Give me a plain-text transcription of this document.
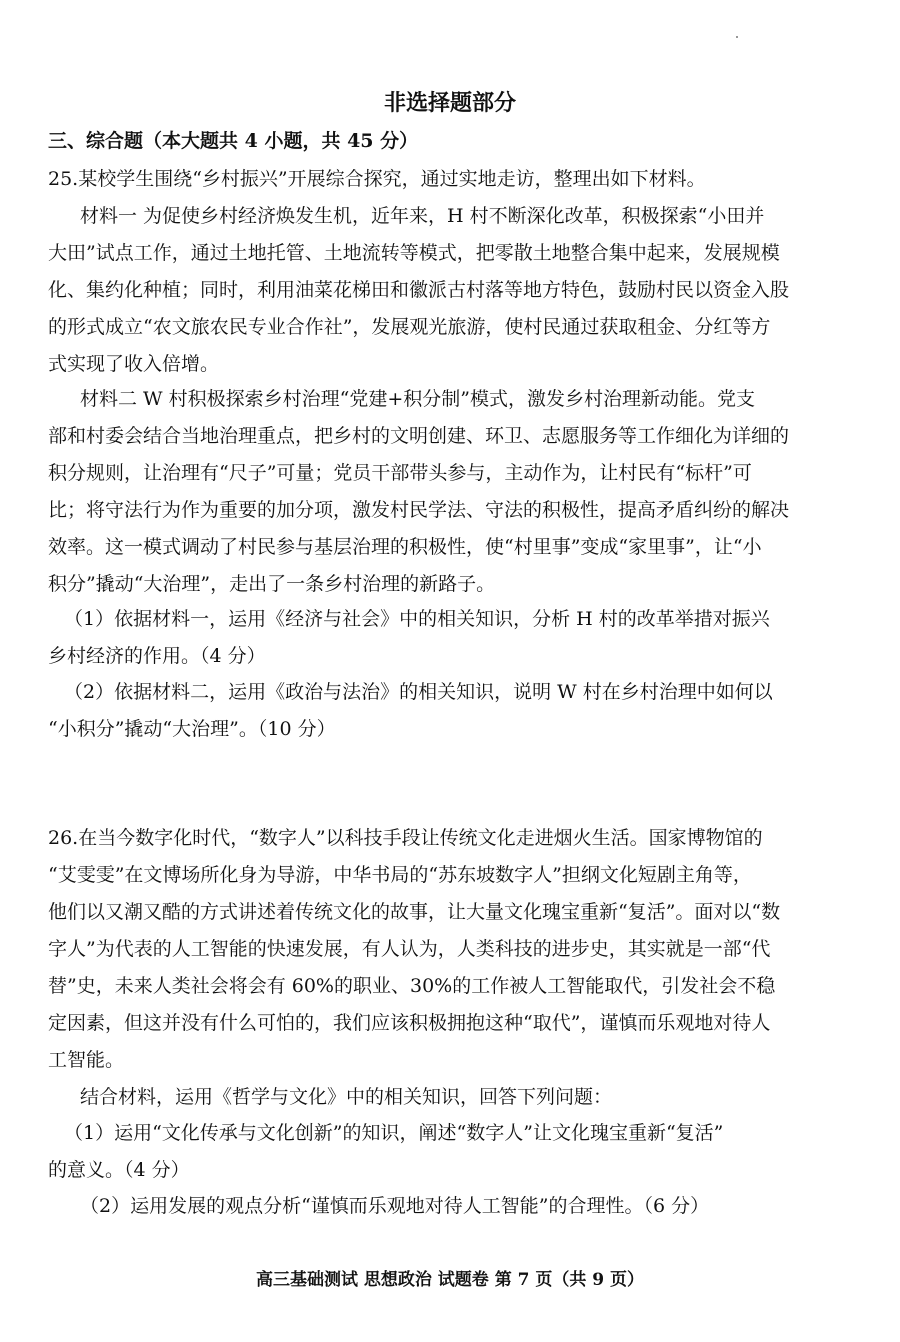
非选择题部分
三、综合题（本大题共 4 小题，共 45 分）
25.某校学生围绕“乡村振兴”开展综合探究，通过实地走访，整理出如下材料。
材料一 为促使乡村经济焕发生机，近年来，H 村不断深化改革，积极探索“小田并
大田”试点工作，通过土地托管、土地流转等模式，把零散土地整合集中起来，发展规模
化、集约化种植；同时，利用油菜花梯田和徽派古村落等地方特色，鼓励村民以资金入股
的形式成立“农文旅农民专业合作社”，发展观光旅游，使村民通过获取租金、分红等方
式实现了收入倍增。
材料二 W 村积极探索乡村治理“党建+积分制”模式，激发乡村治理新动能。党支
部和村委会结合当地治理重点，把乡村的文明创建、环卫、志愿服务等工作细化为详细的
积分规则，让治理有“尺子”可量；党员干部带头参与，主动作为，让村民有“标杆”可
比；将守法行为作为重要的加分项，激发村民学法、守法的积极性，提高矛盾纠纷的解决
效率。这一模式调动了村民参与基层治理的积极性，使“村里事”变成“家里事”，让“小
积分”撬动“大治理”，走出了一条乡村治理的新路子。
（1）依据材料一，运用《经济与社会》中的相关知识，分析 H 村的改革举措对振兴
乡村经济的作用。（4 分）
（2）依据材料二，运用《政治与法治》的相关知识，说明 W 村在乡村治理中如何以
“小积分”撬动“大治理”。（10 分）
26.在当今数字化时代，“数字人”以科技手段让传统文化走进烟火生活。国家博物馆的
“艾雯雯”在文博场所化身为导游，中华书局的“苏东坡数字人”担纲文化短剧主角等，
他们以又潮又酷的方式讲述着传统文化的故事，让大量文化瑰宝重新“复活”。面对以“数
字人”为代表的人工智能的快速发展，有人认为，人类科技的进步史，其实就是一部“代
替”史，未来人类社会将会有 60%的职业、30%的工作被人工智能取代，引发社会不稳
定因素，但这并没有什么可怕的，我们应该积极拥抱这种“取代”，谨慎而乐观地对待人
工智能。
结合材料，运用《哲学与文化》中的相关知识，回答下列问题：
（1）运用“文化传承与文化创新”的知识，阐述“数字人”让文化瑰宝重新“复活”
的意义。（4 分）
（2）运用发展的观点分析“谨慎而乐观地对待人工智能”的合理性。（6 分）
高三基础测试 思想政治 试题卷 第 7 页（共 9 页）
